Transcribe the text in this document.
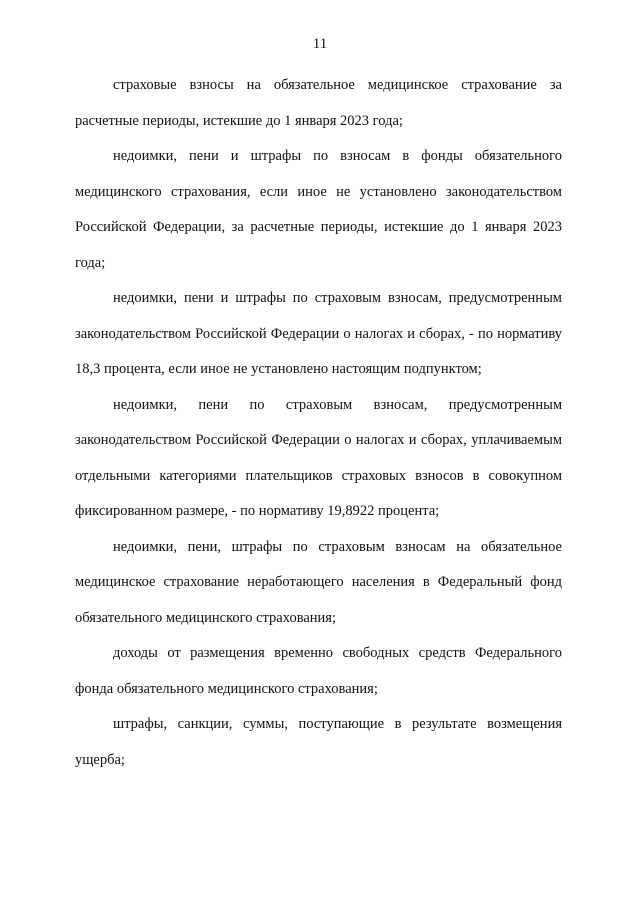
11

страховые взносы на обязательное медицинское страхование за расчетные периоды, истекшие до 1 января 2023 года;

недоимки, пени и штрафы по взносам в фонды обязательного медицинского страхования, если иное не установлено законодательством Российской Федерации, за расчетные периоды, истекшие до 1 января 2023 года;

недоимки, пени и штрафы по страховым взносам, предусмотренным законодательством Российской Федерации о налогах и сборах, - по нормативу 18,3 процента, если иное не установлено настоящим подпунктом;

недоимки, пени по страховым взносам, предусмотренным законодательством Российской Федерации о налогах и сборах, уплачиваемым отдельными категориями плательщиков страховых взносов в совокупном фиксированном размере, - по нормативу 19,8922 процента;

недоимки, пени, штрафы по страховым взносам на обязательное медицинское страхование неработающего населения в Федеральный фонд обязательного медицинского страхования;

доходы от размещения временно свободных средств Федерального фонда обязательного медицинского страхования;

штрафы, санкции, суммы, поступающие в результате возмещения ущерба;
